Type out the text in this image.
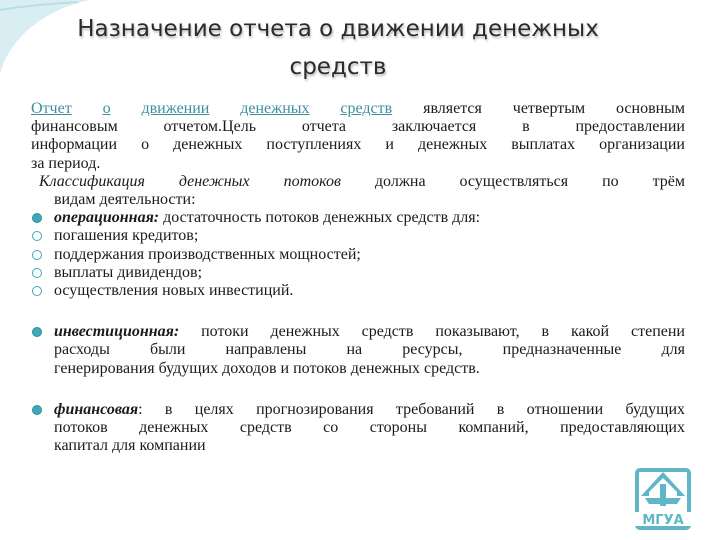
Назначение отчета о движении денежных
средств
Отчет о движении денежных средств является четвертым основным
финансовым отчетом.Цель отчета заключается в предоставлении
информации о денежных поступлениях и денежных выплатах организации
за период.
Классификация денежных потоков должна осуществляться по трём
видам деятельности:
операционная: достаточность потоков денежных средств для:
погашения кредитов;
поддержания производственных мощностей;
выплаты дивидендов;
осуществления новых инвестиций.
инвестиционная: потоки денежных средств показывают, в какой степени
расходы были направлены на ресурсы, предназначенные для
генерирования будущих доходов и потоков денежных средств.
финансовая: в целях прогнозирования требований в отношении будущих
потоков денежных средств со стороны компаний, предоставляющих
капитал для компании
МГУА
